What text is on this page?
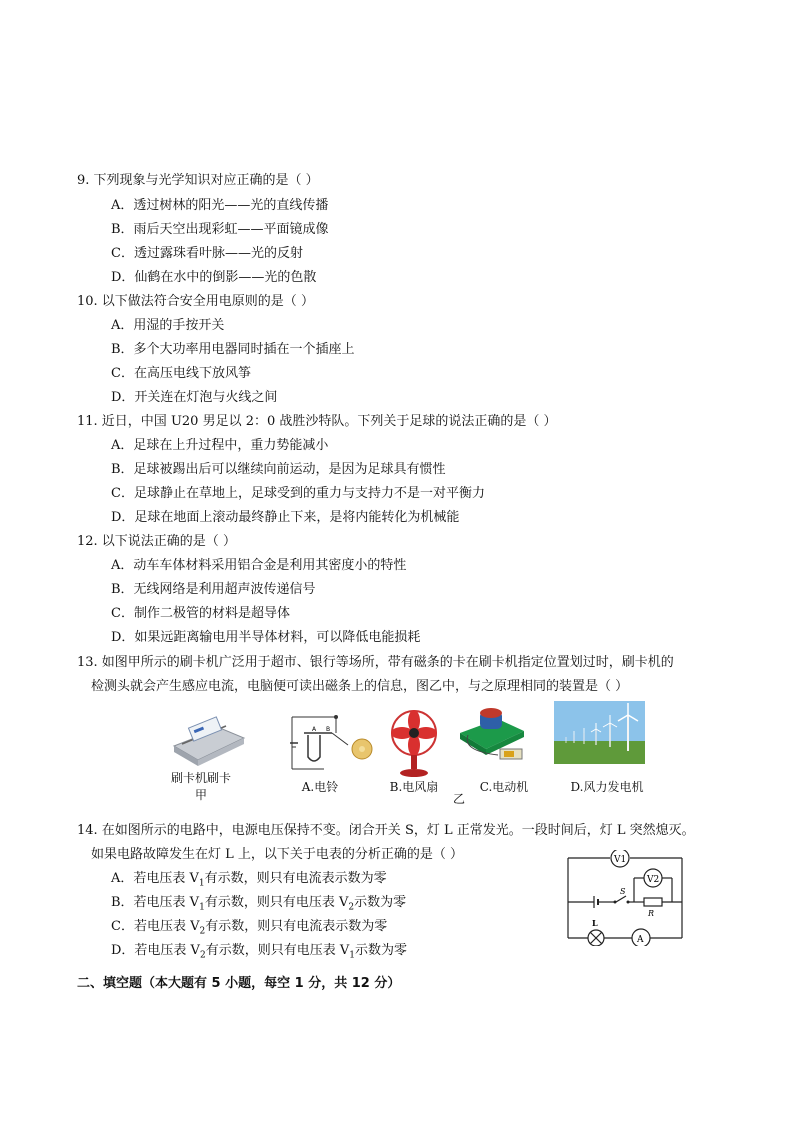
9. 下列现象与光学知识对应正确的是（ ）
A．透过树林的阳光——光的直线传播
B．雨后天空出现彩虹——平面镜成像
C．透过露珠看叶脉——光的反射
D．仙鹤在水中的倒影——光的色散
10. 以下做法符合安全用电原则的是（ ）
A．用湿的手按开关
B．多个大功率用电器同时插在一个插座上
C．在高压电线下放风筝
D．开关连在灯泡与火线之间
11. 近日，中国 U20 男足以 2：0 战胜沙特队。下列关于足球的说法正确的是（ ）
A．足球在上升过程中，重力势能减小
B．足球被踢出后可以继续向前运动，是因为足球具有惯性
C．足球静止在草地上，足球受到的重力与支持力不是一对平衡力
D．足球在地面上滚动最终静止下来，是将内能转化为机械能
12. 以下说法正确的是（ ）
A．动车车体材料采用铝合金是利用其密度小的特性
B．无线网络是利用超声波传递信号
C．制作二极管的材料是超导体
D．如果远距离输电用半导体材料，可以降低电能损耗
13. 如图甲所示的刷卡机广泛用于超市、银行等场所，带有磁条的卡在刷卡机指定位置划过时，刷卡机的
检测头就会产生感应电流，电脑便可读出磁条上的信息，图乙中，与之原理相同的装置是（ ）
刷卡机刷卡
甲
A B
A.电铃	B.电风扇	C.电动机	D.风力发电机
乙
14. 在如图所示的电路中，电源电压保持不变。闭合开关 S，灯 L 正常发光。一段时间后，灯 L 突然熄灭。
如果电路故障发生在灯 L 上，以下关于电表的分析正确的是（ ）
A．若电压表 $V_1$有示数，则只有电流表示数为零
B．若电压表 $V_1$有示数，则只有电压表 $V_2$示数为零
C．若电压表 $V_2$有示数，则只有电流表示数为零
D．若电压表 $V_2$有示数，则只有电压表 $V_1$示数为零
V1
S
R
V2
L
A
二、填空题（本大题有 5 小题，每空 1 分，共 12 分）
